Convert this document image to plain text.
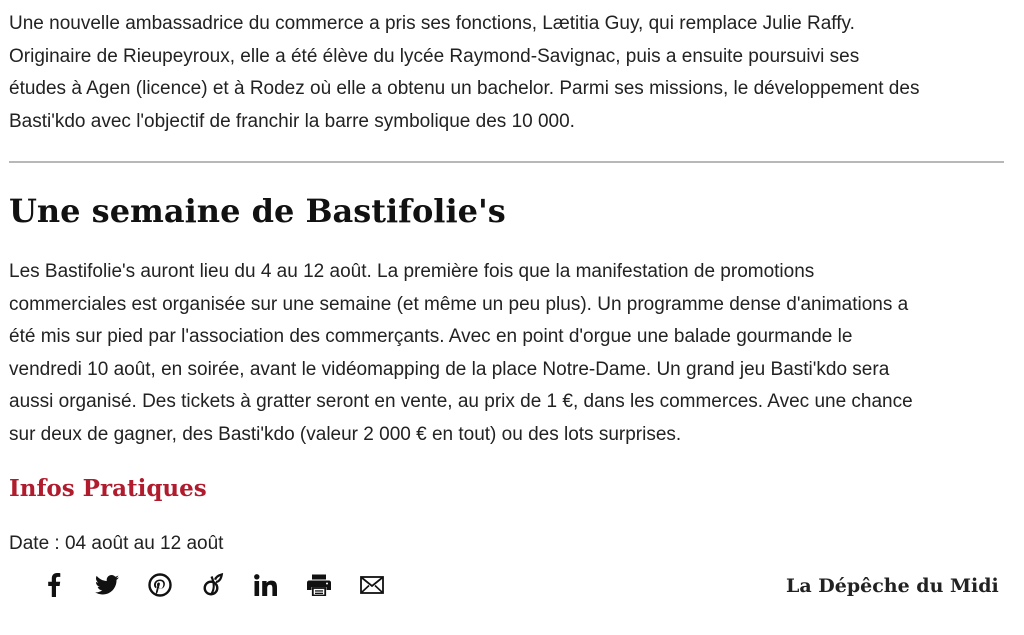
Une nouvelle ambassadrice du commerce a pris ses fonctions, Lætitia Guy, qui remplace Julie Raffy.

Originaire de Rieupeyroux, elle a été élève du lycée Raymond-Savignac, puis a ensuite poursuivi ses

études à Agen (licence) et à Rodez où elle a obtenu un bachelor. Parmi ses missions, le développement des

Basti'kdo avec l'objectif de franchir la barre symbolique des 10 000.

Une semaine de Bastifolie's

Les Bastifolie's auront lieu du 4 au 12 août. La première fois que la manifestation de promotions

commerciales est organisée sur une semaine (et même un peu plus). Un programme dense d'animations a

été mis sur pied par l'association des commerçants. Avec en point d'orgue une balade gourmande le

vendredi 10 août, en soirée, avant le vidéomapping de la place Notre-Dame. Un grand jeu Basti'kdo sera

aussi organisé. Des tickets à gratter seront en vente, au prix de 1 €, dans les commerces. Avec une chance

sur deux de gagner, des Basti'kdo (valeur 2 000 € en tout) ou des lots surprises.

Infos Pratiques
Date : 04 août au 12 août
La Dépêche du Midi
